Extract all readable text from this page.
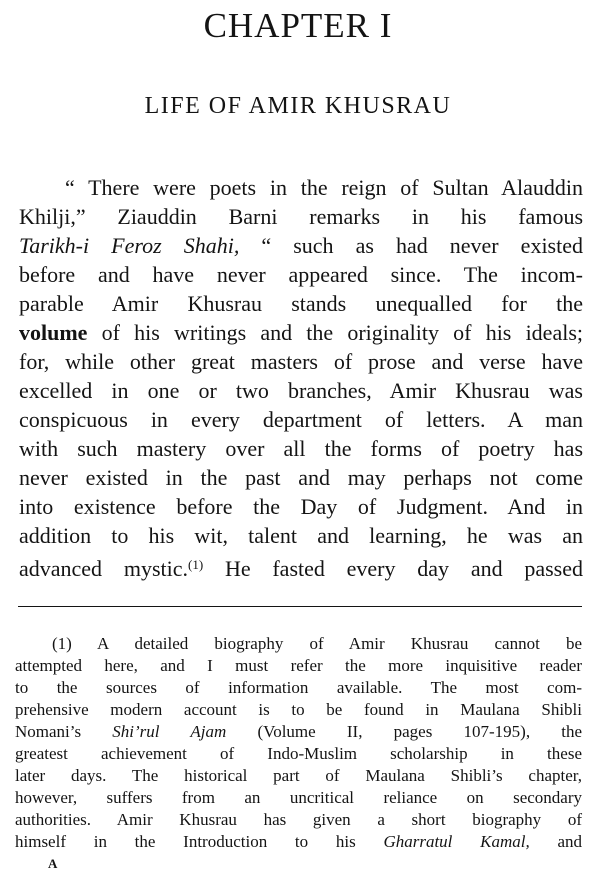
CHAPTER I
LIFE OF AMIR KHUSRAU
“ There were poets in the reign of Sultan Alauddin
Khilji,” Ziauddin Barni remarks in his famous
Tarikh-i Feroz Shahi, “ such as had never existed
before and have never appeared since. The incom-
parable Amir Khusrau stands unequalled for the
volume of his writings and the originality of his ideals;
for, while other great masters of prose and verse have
excelled in one or two branches, Amir Khusrau was
conspicuous in every department of letters. A man
with such mastery over all the forms of poetry has
never existed in the past and may perhaps not come
into existence before the Day of Judgment. And in
addition to his wit, talent and learning, he was an
advanced mystic.$^{(1)}$ He fasted every day and passed
(1) A detailed biography of Amir Khusrau cannot be
attempted here, and I must refer the more inquisitive reader
to the sources of information available. The most com-
prehensive modern account is to be found in Maulana Shibli
Nomani’s Shi’rul Ajam (Volume II, pages 107-195), the
greatest achievement of Indo-Muslim scholarship in these
later days. The historical part of Maulana Shibli’s chapter,
however, suffers from an uncritical reliance on secondary
authorities. Amir Khusrau has given a short biography of
himself in the Introduction to his Gharratul Kamal, and
A
